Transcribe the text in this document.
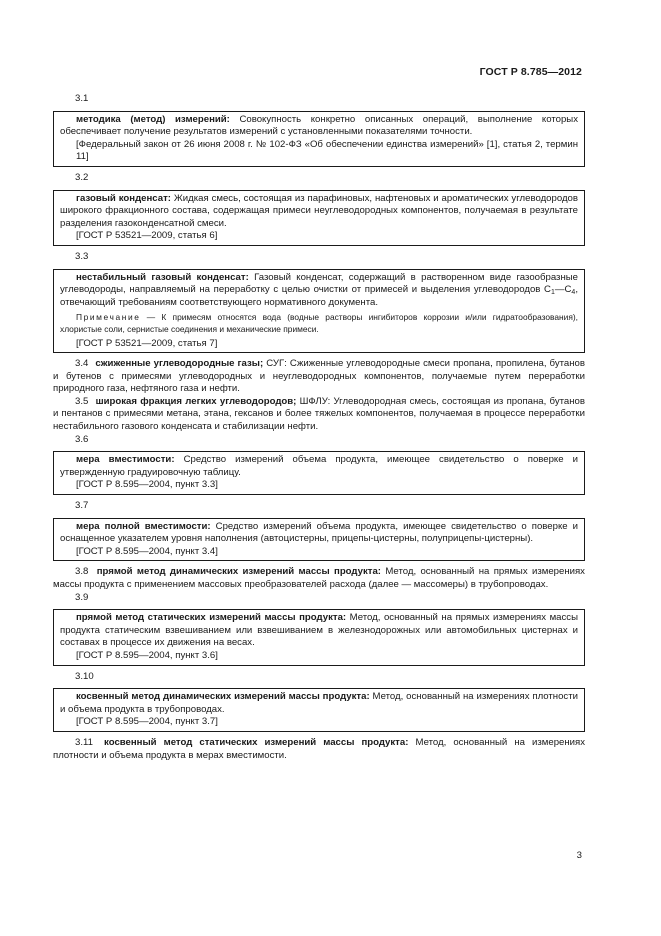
ГОСТ Р 8.785—2012
3.1

методика (метод) измерений: Совокупность конкретно описанных операций, выполнение которых обеспечивает получение результатов измерений с установленными показателями точности.

[Федеральный закон от 26 июня 2008 г. № 102-ФЗ «Об обеспечении единства измерений» [1], статья 2, термин 11]

3.2

газовый конденсат: Жидкая смесь, состоящая из парафиновых, нафтеновых и ароматических углеводородов широкого фракционного состава, содержащая примеси неуглеводородных компонентов, получаемая в результате разделения газоконденсатной смеси.

[ГОСТ Р 53521—2009, статья 6]

3.3

нестабильный газовый конденсат: Газовый конденсат, содержащий в растворенном виде газообразные углеводороды, направляемый на переработку с целью очистки от примесей и выделения углеводородов $С_1—С_4$, отвечающий требованиям соответствующего нормативного документа.

Примечание — К примесям относятся вода (водные растворы ингибиторов коррозии и/или гидратообразования), хлористые соли, сернистые соединения и механические примеси.

[ГОСТ Р 53521—2009, статья 7]

3.4 сжиженные углеводородные газы; СУГ: Сжиженные углеводородные смеси пропана, пропилена, бутанов и бутенов с примесями углеводородных и неуглеводородных компонентов, получаемые путем переработки природного газа, нефтяного газа и нефти.

3.5 широкая фракция легких углеводородов; ШФЛУ: Углеводородная смесь, состоящая из пропана, бутанов и пентанов с примесями метана, этана, гексанов и более тяжелых компонентов, получаемая в процессе переработки нестабильного газового конденсата и стабилизации нефти.

3.6

мера вместимости: Средство измерений объема продукта, имеющее свидетельство о поверке и утвержденную градуировочную таблицу.

[ГОСТ Р 8.595—2004, пункт 3.3]

3.7

мера полной вместимости: Средство измерений объема продукта, имеющее свидетельство о поверке и оснащенное указателем уровня наполнения (автоцистерны, прицепы-цистерны, полуприцепы-цистерны).

[ГОСТ Р 8.595—2004, пункт 3.4]

3.8 прямой метод динамических измерений массы продукта: Метод, основанный на прямых измерениях массы продукта с применением массовых преобразователей расхода (далее — массомеры) в трубопроводах.

3.9

прямой метод статических измерений массы продукта: Метод, основанный на прямых измерениях массы продукта статическим взвешиванием или взвешиванием в железнодорожных или автомобильных цистернах и составах в процессе их движения на весах.

[ГОСТ Р 8.595—2004, пункт 3.6]

3.10

косвенный метод динамических измерений массы продукта: Метод, основанный на измерениях плотности и объема продукта в трубопроводах.

[ГОСТ Р 8.595—2004, пункт 3.7]

3.11 косвенный метод статических измерений массы продукта: Метод, основанный на измерениях плотности и объема продукта в мерах вместимости.

3
